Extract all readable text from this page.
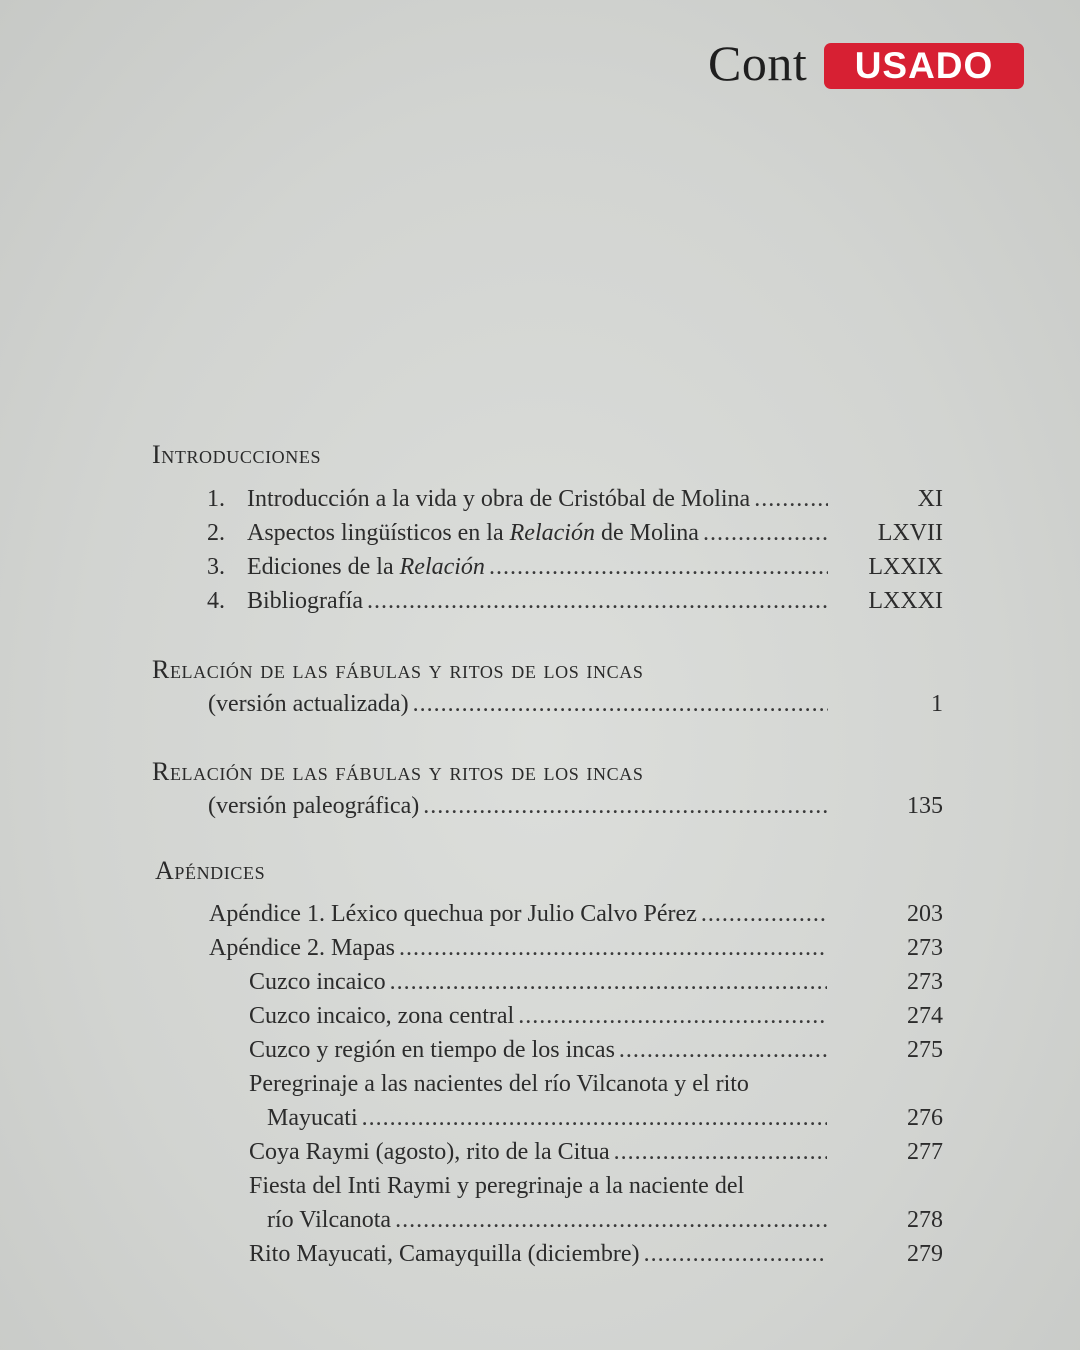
Cont	USADO
Introducciones
1. Introducción a la vida y obra de Cristóbal de Molina .....	XI
2. Aspectos lingüísticos en la Relación de Molina .....	LXVII
3. Ediciones de la Relación .....	LXXIX
4. Bibliografía .....	LXXXI
Relación de las fábulas y ritos de los incas
(versión actualizada) .....	1
Relación de las fábulas y ritos de los incas
(versión paleográfica) .....	135
Apéndices
Apéndice 1. Léxico quechua por Julio Calvo Pérez .....	203
Apéndice 2. Mapas .....	273
Cuzco incaico .....	273
Cuzco incaico, zona central .....	274
Cuzco y región en tiempo de los incas .....	275
Peregrinaje a las nacientes del río Vilcanota y el rito
Mayucati .....	276
Coya Raymi (agosto), rito de la Citua .....	277
Fiesta del Inti Raymi y peregrinaje a la naciente del
río Vilcanota .....	278
Rito Mayucati, Camayquilla (diciembre) .....	279
